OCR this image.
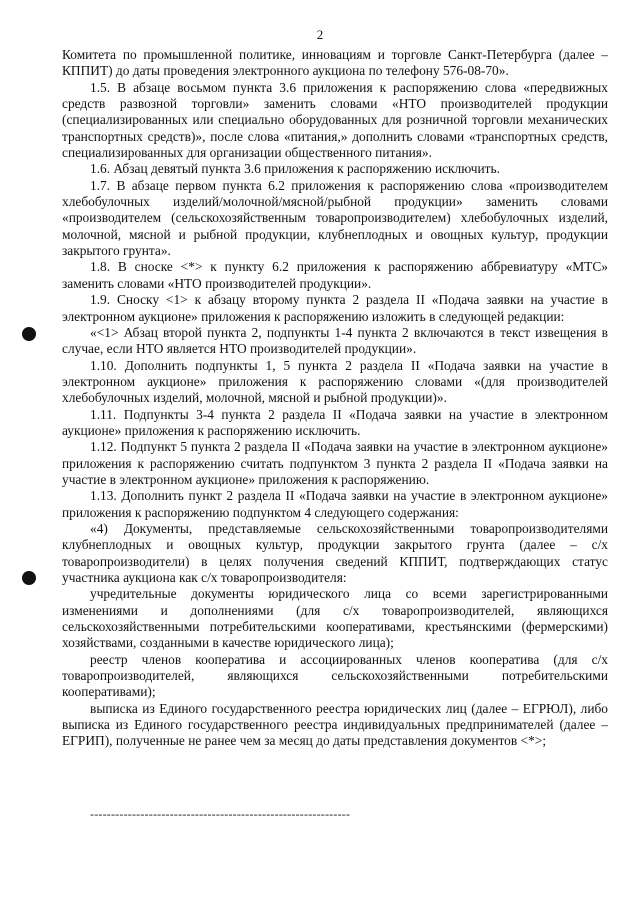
2

Комитета по промышленной политике, инновациям и торговле Санкт-Петербурга (далее – КППИТ) до даты проведения электронного аукциона по телефону 576-08-70».

1.5. В абзаце восьмом пункта 3.6 приложения к распоряжению слова «передвижных средств развозной торговли» заменить словами «НТО производителей продукции (специализированных или специально оборудованных для розничной торговли механических транспортных средств)», после слова «питания,» дополнить словами «транспортных средств, специализированных для организации общественного питания».

1.6. Абзац девятый пункта 3.6 приложения к распоряжению исключить.

1.7. В абзаце первом пункта 6.2 приложения к распоряжению слова «производителем хлебобулочных изделий/молочной/мясной/рыбной продукции» заменить словами «производителем (сельскохозяйственным товаропроизводителем) хлебобулочных изделий, молочной, мясной и рыбной продукции, клубнеплодных и овощных культур, продукции закрытого грунта».

1.8. В сноске <*> к пункту 6.2 приложения к распоряжению аббревиатуру «МТС» заменить словами «НТО производителей продукции».

1.9. Сноску <1> к абзацу второму пункта 2 раздела II «Подача заявки на участие в электронном аукционе» приложения к распоряжению изложить в следующей редакции:

«<1> Абзац второй пункта 2, подпункты 1-4 пункта 2 включаются в текст извещения в случае, если НТО является НТО производителей продукции».

1.10. Дополнить подпункты 1, 5 пункта 2 раздела II «Подача заявки на участие в электронном аукционе» приложения к распоряжению словами «(для производителей хлебобулочных изделий, молочной, мясной и рыбной продукции)».

1.11. Подпункты 3-4 пункта 2 раздела II «Подача заявки на участие в электронном аукционе» приложения к распоряжению исключить.

1.12. Подпункт 5 пункта 2 раздела II «Подача заявки на участие в электронном аукционе» приложения к распоряжению считать подпунктом 3 пункта 2 раздела II «Подача заявки на участие в электронном аукционе» приложения к распоряжению.

1.13. Дополнить пункт 2 раздела II «Подача заявки на участие в электронном аукционе» приложения к распоряжению подпунктом 4 следующего содержания:

«4) Документы, представляемые сельскохозяйственными товаропроизводителями клубнеплодных и овощных культур, продукции закрытого грунта (далее – с/х товаропроизводители) в целях получения сведений КППИТ, подтверждающих статус участника аукциона как с/х товаропроизводителя:

учредительные документы юридического лица со всеми зарегистрированными изменениями и дополнениями (для с/х товаропроизводителей, являющихся сельскохозяйственными потребительскими кооперативами, крестьянскими (фермерскими) хозяйствами, созданными в качестве юридического лица);

реестр членов кооператива и ассоциированных членов кооператива (для с/х товаропроизводителей, являющихся сельскохозяйственными потребительскими кооперативами);

выписка из Единого государственного реестра юридических лиц (далее – ЕГРЮЛ), либо выписка из Единого государственного реестра индивидуальных предпринимателей (далее – ЕГРИП), полученные не ранее чем за месяц до даты представления документов <*>;

--------------------------------------------------------------
